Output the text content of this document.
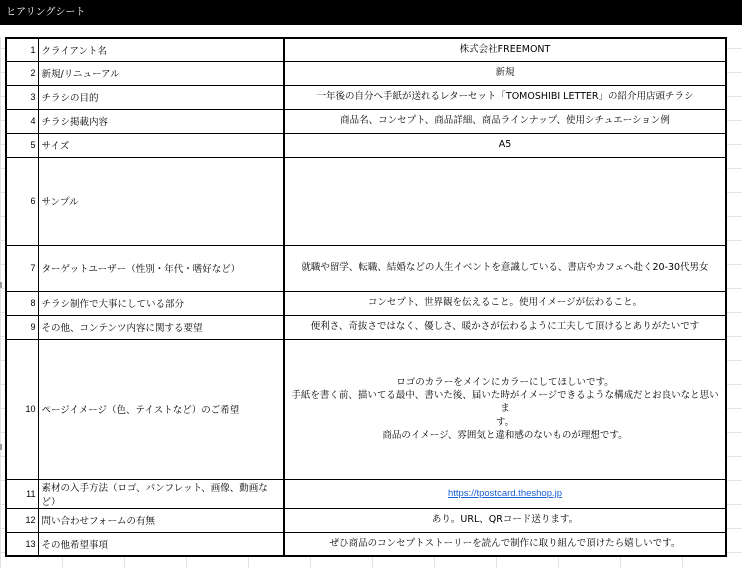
ヒアリングシート
1	クライアント名	株式会社FREEMONT

2	新規/リニューアル	新規

3	チラシの目的	一年後の自分へ手紙が送れるレターセット「TOMOSHIBI LETTER」の紹介用店頭チラシ

4	チラシ掲載内容	商品名、コンセプト、商品詳細、商品ラインナップ、使用シチュエーション例

5	サイズ	A5

6	サンプル	

7	ターゲットユーザー（性別・年代・嗜好など）	就職や留学、転職、結婚などの人生イベントを意識している、書店やカフェへ赴く20-30代男女

8	チラシ制作で大事にしている部分	コンセプト、世界観を伝えること。使用イメージが伝わること。

9	その他、コンテンツ内容に関する要望	便利さ、奇抜さではなく、優しさ、暖かさが伝わるように工夫して頂けるとありがたいです

10	ページイメージ（色、テイストなど）のご希望	ロゴのカラーをメインにカラーにしてほしいです。
手紙を書く前、描いてる最中、書いた後、届いた時がイメージできるような構成だとお良いなと思いま
す。
商品のイメージ、雰囲気と違和感のないものが理想です。

11	素材の入手方法（ロゴ、パンフレット、画像、動画など）	https://tpostcard.theshop.jp
12	問い合わせフォームの有無	あり。URL、QRコード送ります。

13	その他希望事項	ぜひ商品のコンセプトストーリーを読んで制作に取り組んで頂けたら嬉しいです。
